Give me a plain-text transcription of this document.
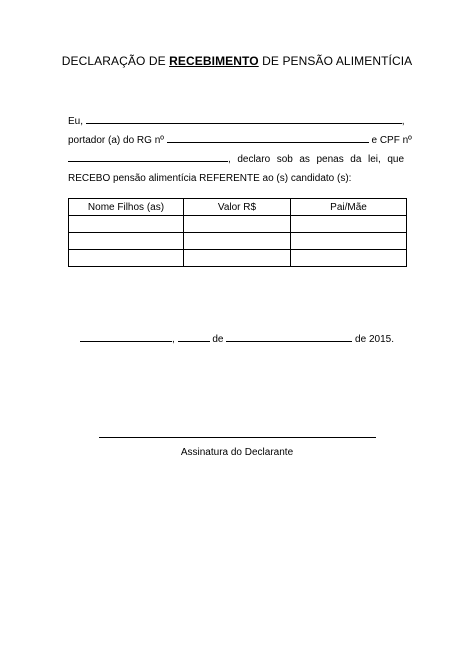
DECLARAÇÃO DE RECEBIMENTO DE PENSÃO ALIMENTÍCIA
Eu,	,
portador (a) do RG nº	e CPF nº
, declaro sob as penas da lei, que
RECEBO pensão alimentícia REFERENTE ao (s) candidato (s):
Nome Filhos (as)	Valor R$	Pai/Mãe

,	de	de 2015.
Assinatura do Declarante
